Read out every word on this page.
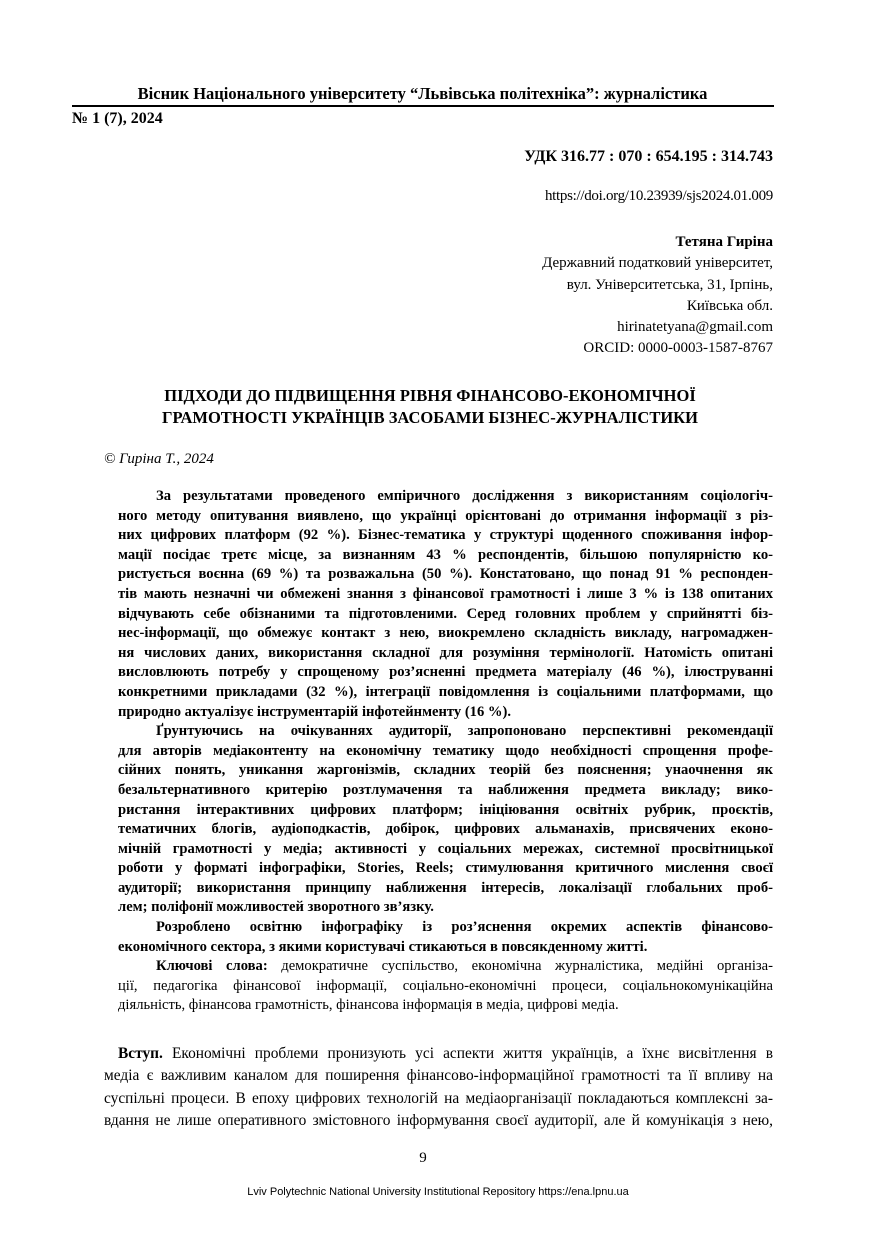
Вісник Національного університету “Львівська політехніка”: журналістика
№ 1 (7), 2024
УДК 316.77 : 070 : 654.195 : 314.743
https://doi.org/10.23939/sjs2024.01.009
Тетяна Гиріна
Державний податковий університет,
вул. Університетська, 31, Ірпінь,
Київська обл.
hirinatetyana@gmail.com
ORCID: 0000-0003-1587-8767
ПІДХОДИ ДО ПІДВИЩЕННЯ РІВНЯ ФІНАНСОВО-ЕКОНОМІЧНОЇ
ГРАМОТНОСТІ УКРАЇНЦІВ ЗАСОБАМИ БІЗНЕС-ЖУРНАЛІСТИКИ
© Гиріна Т., 2024
За результатами проведеного емпіричного дослідження з використанням соціологіч-
ного методу опитування виявлено, що українці орієнтовані до отримання інформації з різ-
них цифрових платформ (92 %). Бізнес-тематика у структурі щоденного споживання інфор-
мації посідає третє місце, за визнанням 43 % респондентів, більшою популярністю ко-
ристується воєнна (69 %) та розважальна (50 %). Констатовано, що понад 91 % респонден-
тів мають незначні чи обмежені знання з фінансової грамотності і лише 3 % із 138 опитаних
відчувають себе обізнаними та підготовленими. Серед головних проблем у сприйнятті біз-
нес-інформації, що обмежує контакт з нею, виокремлено складність викладу, нагромаджен-
ня числових даних, використання складної для розуміння термінології. Натомість опитані
висловлюють потребу у спрощеному роз’ясненні предмета матеріалу (46 %), ілюструванні
конкретними прикладами (32 %), інтеграції повідомлення із соціальними платформами, що
природно актуалізує інструментарій інфотейнменту (16 %).
Ґрунтуючись на очікуваннях аудиторії, запропоновано перспективні рекомендації
для авторів медіаконтенту на економічну тематику щодо необхідності спрощення профе-
сійних понять, уникання жаргонізмів, складних теорій без пояснення; унаочнення як
безальтернативного критерію розтлумачення та наближення предмета викладу; вико-
ристання інтерактивних цифрових платформ; ініціювання освітніх рубрик, проєктів,
тематичних блогів, аудіоподкастів, добірок, цифрових альманахів, присвячених еконо-
мічній грамотності у медіа; активності у соціальних мережах, системної просвітницької
роботи у форматі інфографіки, Stories, Reels; стимулювання критичного мислення своєї
аудиторії; використання принципу наближення інтересів, локалізації глобальних проб-
лем; поліфонії можливостей зворотного зв’язку.
Розроблено освітню інфографіку із роз’яснення окремих аспектів фінансово-
економічного сектора, з якими користувачі стикаються в повсякденному житті.
Ключові слова: демократичне суспільство, економічна журналістика, медійні організа-
ції, педагогіка фінансової інформації, соціально-економічні процеси, соціальнокомунікаційна
діяльність, фінансова грамотність, фінансова інформація в медіа, цифрові медіа.
Вступ. Економічні проблеми пронизують усі аспекти життя українців, а їхнє висвітлення в
медіа є важливим каналом для поширення фінансово-інформаційної грамотності та її впливу на
суспільні процеси. В епоху цифрових технологій на медіаорганізації покладаються комплексні за-
вдання не лише оперативного змістовного інформування своєї аудиторії, але й комунікація з нею,
9
Lviv Polytechnic National University Institutional Repository https://ena.lpnu.ua
